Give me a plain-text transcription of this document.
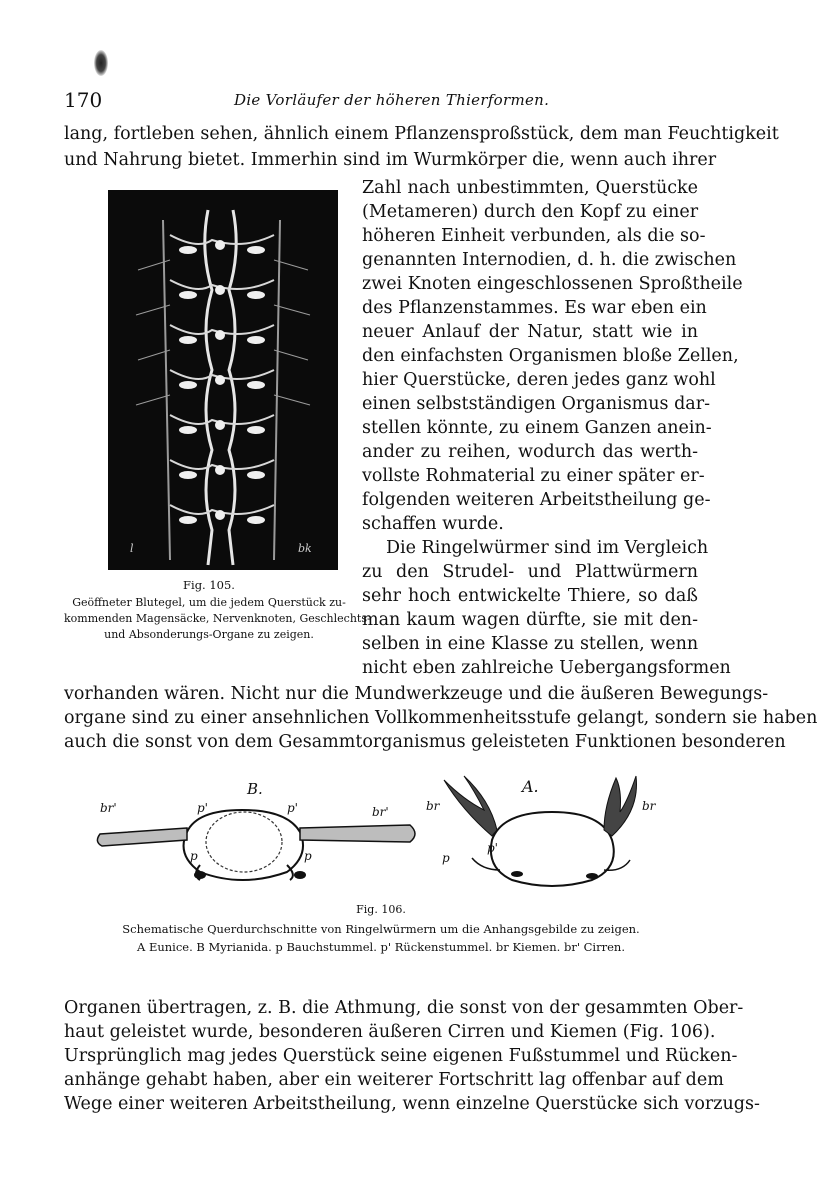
170	Die Vorläufer der höheren Thierformen.
lang, fortleben sehen, ähnlich einem Pflanzensproßstück, dem man Feuchtigkeit
und Nahrung bietet. Immerhin sind im Wurmkörper die, wenn auch ihrer
l	bk
Fig. 105.
Geöffneter Blutegel, um die jedem Querstück zu-
kommenden Magensäcke, Nervenknoten, Geschlechts-
und Absonderungs-Organe zu zeigen.
Zahl nach unbestimmten, Querstücke
(Metameren) durch den Kopf zu einer
höheren Einheit verbunden, als die so-
genannten Internodien, d. h. die zwischen
zwei Knoten eingeschlossenen Sproßtheile
des Pflanzenstammes. Es war eben ein
neuer Anlauf der Natur, statt wie in
den einfachsten Organismen bloße Zellen,
hier Querstücke, deren jedes ganz wohl
einen selbstständigen Organismus dar-
stellen könnte, zu einem Ganzen anein-
ander zu reihen, wodurch das werth-
vollste Rohmaterial zu einer später er-
folgenden weiteren Arbeitstheilung ge-
schaffen wurde.
Die Ringelwürmer sind im Vergleich
zu den Strudel- und Plattwürmern
sehr hoch entwickelte Thiere, so daß
man kaum wagen dürfte, sie mit den-
selben in eine Klasse zu stellen, wenn
nicht eben zahlreiche Uebergangsformen
vorhanden wären. Nicht nur die Mundwerkzeuge und die äußeren Bewegungs-
organe sind zu einer ansehnlichen Vollkommenheitsstufe gelangt, sondern sie haben
auch die sonst von dem Gesammtorganismus geleisteten Funktionen besonderen
B.
br'	br'
p'	p'
p	p
A.
br	br
p
p'
Fig. 106.
Schematische Querdurchschnitte von Ringelwürmern um die Anhangsgebilde zu zeigen.
A Eunice. B Myrianida. p Bauchstummel. p' Rückenstummel. br Kiemen. br' Cirren.
Organen übertragen, z. B. die Athmung, die sonst von der gesammten Ober-
haut geleistet wurde, besonderen äußeren Cirren und Kiemen (Fig. 106).
Ursprünglich mag jedes Querstück seine eigenen Fußstummel und Rücken-
anhänge gehabt haben, aber ein weiterer Fortschritt lag offenbar auf dem
Wege einer weiteren Arbeitstheilung, wenn einzelne Querstücke sich vorzugs-
